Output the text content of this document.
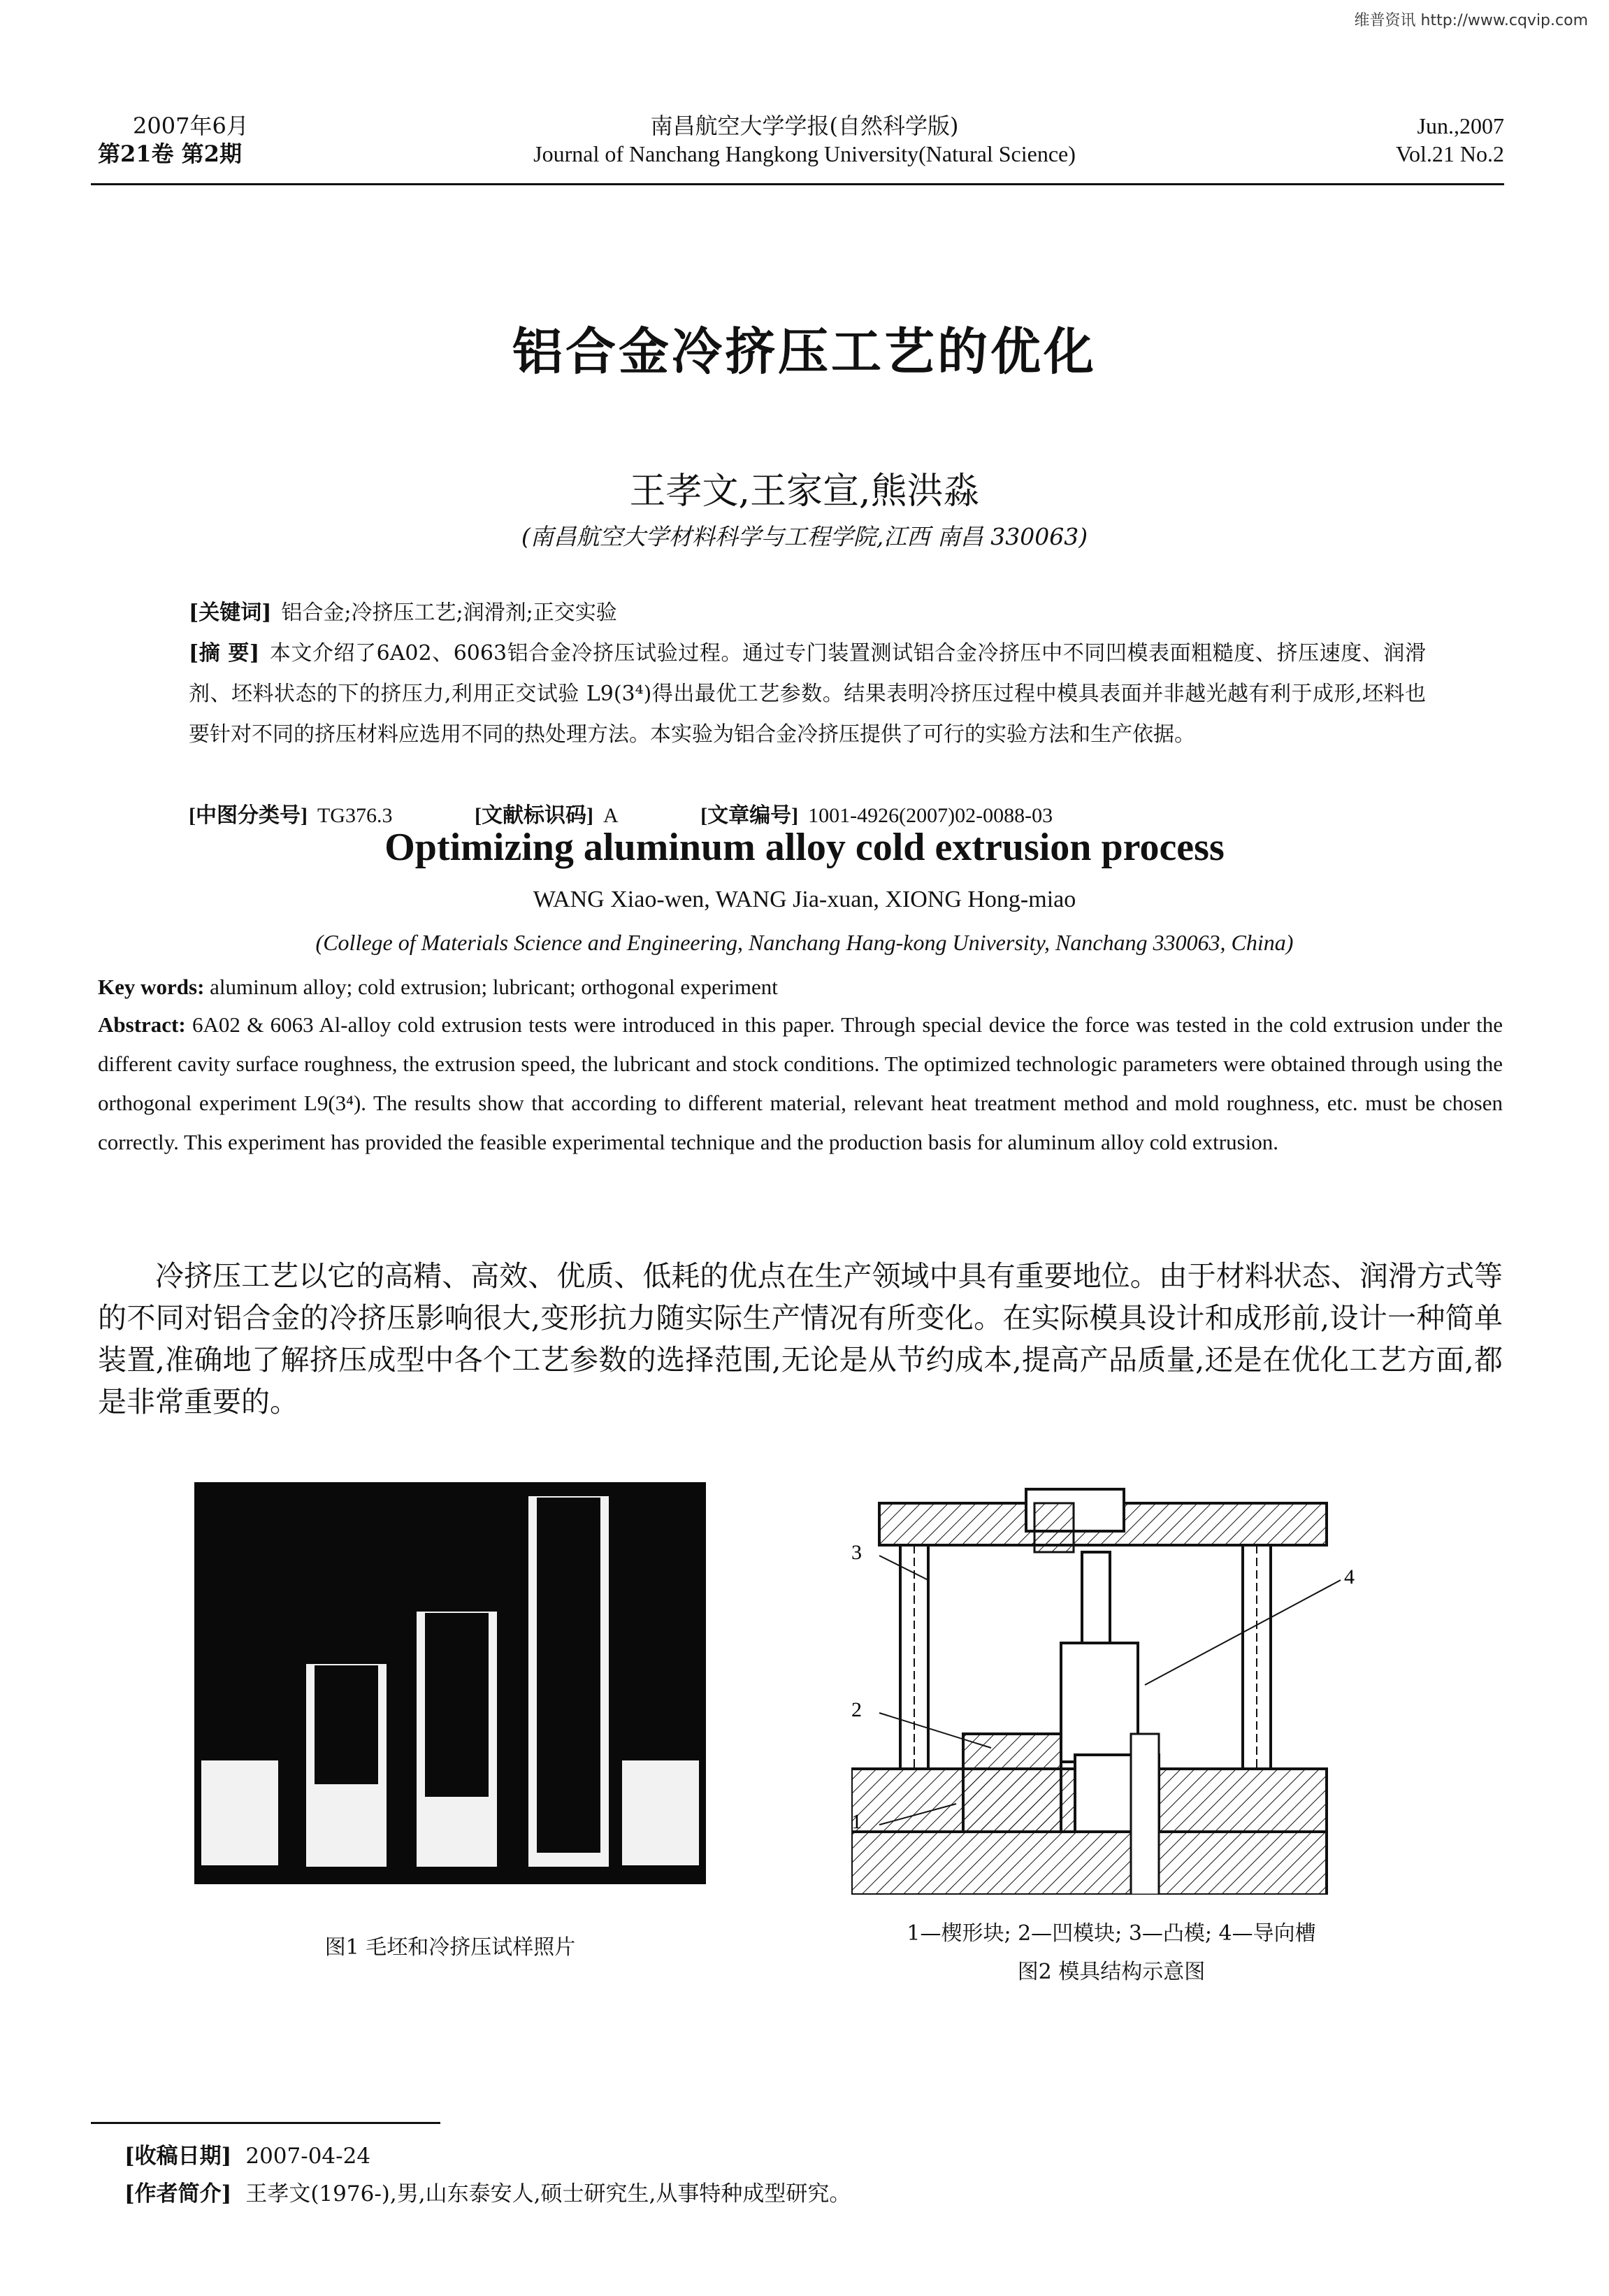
维普资讯 http://www.cqvip.com
2007年6月
第21卷 第2期
南昌航空大学学报(自然科学版)
Journal of Nanchang Hangkong University(Natural Science)
Jun.,2007
Vol.21 No.2
铝合金冷挤压工艺的优化
王孝文,王家宣,熊洪淼
(南昌航空大学材料科学与工程学院,江西 南昌 330063)
[关键词] 铝合金;冷挤压工艺;润滑剂;正交实验
[摘 要] 本文介绍了6A02、6063铝合金冷挤压试验过程。通过专门装置测试铝合金冷挤压中不同凹模表面粗糙度、挤压速度、润滑剂、坯料状态的下的挤压力,利用正交试验 L9(3⁴)得出最优工艺参数。结果表明冷挤压过程中模具表面并非越光越有利于成形,坯料也要针对不同的挤压材料应选用不同的热处理方法。本实验为铝合金冷挤压提供了可行的实验方法和生产依据。
[中图分类号] TG376.3	[文献标识码] A	[文章编号] 1001-4926(2007)02-0088-03
Optimizing aluminum alloy cold extrusion process
WANG Xiao-wen, WANG Jia-xuan, XIONG Hong-miao
(College of Materials Science and Engineering, Nanchang Hang-kong University, Nanchang 330063, China)
Key words: aluminum alloy; cold extrusion; lubricant; orthogonal experiment
Abstract: 6A02 & 6063 Al-alloy cold extrusion tests were introduced in this paper. Through special device the force was tested in the cold extrusion under the different cavity surface roughness, the extrusion speed, the lubricant and stock conditions. The optimized technologic parameters were obtained through using the orthogonal experiment L9(3⁴). The results show that according to different material, relevant heat treatment method and mold roughness, etc. must be chosen correctly. This experiment has provided the feasible experimental technique and the production basis for aluminum alloy cold extrusion.
冷挤压工艺以它的高精、高效、优质、低耗的优点在生产领域中具有重要地位。由于材料状态、润滑方式等的不同对铝合金的冷挤压影响很大,变形抗力随实际生产情况有所变化。在实际模具设计和成形前,设计一种简单装置,准确地了解挤压成型中各个工艺参数的选择范围,无论是从节约成本,提高产品质量,还是在优化工艺方面,都是非常重要的。
图1 毛坯和冷挤压试样照片
3
2
1
4
1—楔形块; 2—凹模块; 3—凸模; 4—导向槽
图2 模具结构示意图
[收稿日期] 2007-04-24
[作者简介] 王孝文(1976-),男,山东泰安人,硕士研究生,从事特种成型研究。
